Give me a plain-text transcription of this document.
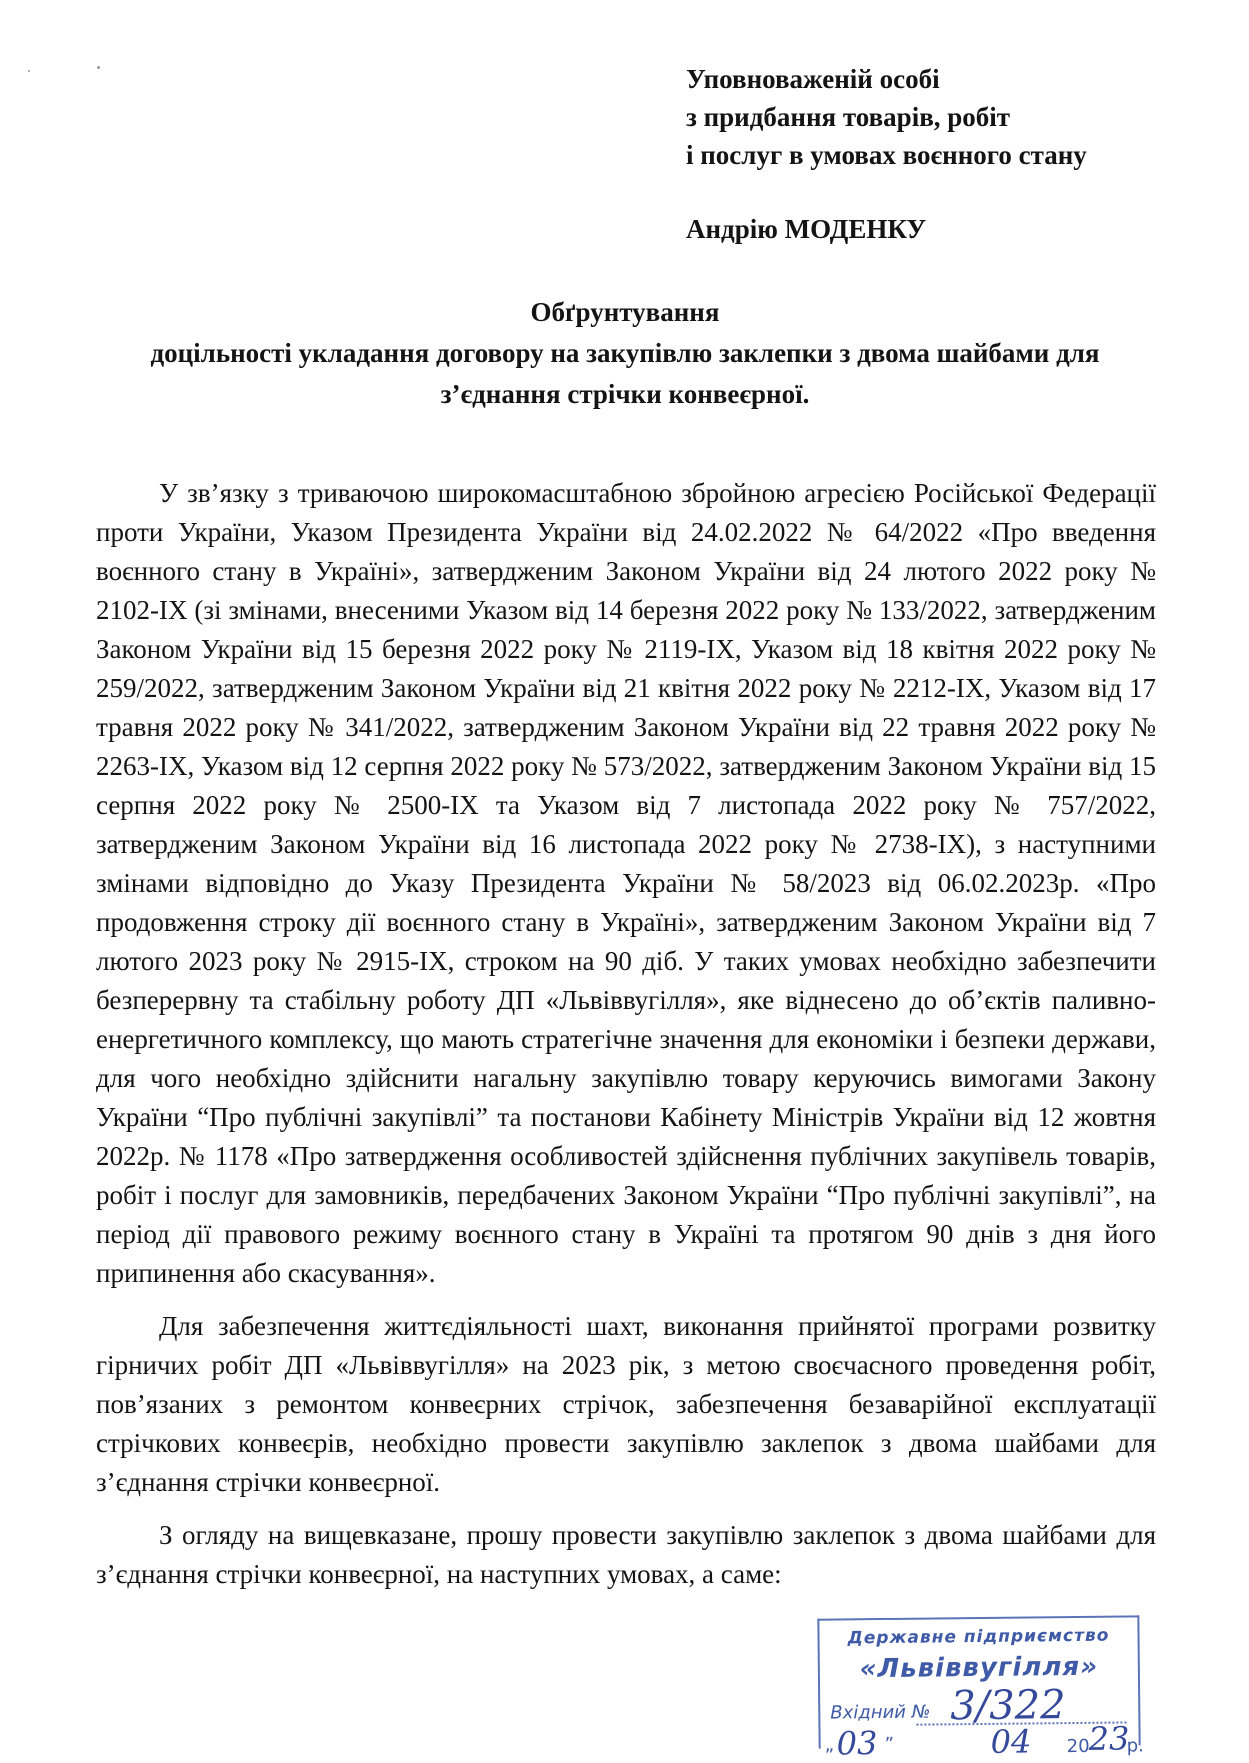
Уповноваженій особі
з придбання товарів, робіт
і послуг в умовах воєнного стану
Андрію МОДЕНКУ
Обґрунтування
доцільності укладання договору на закупівлю заклепки з двома шайбами для
з’єднання стрічки конвеєрної.

У зв’язку з триваючою широкомасштабною збройною агресією Російської Федерації проти України, Указом Президента України від 24.02.2022 № 64/2022 «Про введення воєнного стану в Україні», затвердженим Законом України від 24 лютого 2022 року № 2102-IX (зі змінами, внесеними Указом від 14 березня 2022 року № 133/2022, затвердженим Законом України від 15 березня 2022 року № 2119-IX, Указом від 18 квітня 2022 року № 259/2022, затвердженим Законом України від 21 квітня 2022 року № 2212-IX, Указом від 17 травня 2022 року № 341/2022, затвердженим Законом України від 22 травня 2022 року № 2263-IX, Указом від 12 серпня 2022 року № 573/2022, затвердженим Законом України від 15 серпня 2022 року № 2500-IX та Указом від 7 листопада 2022 року № 757/2022, затвердженим Законом України від 16 листопада 2022 року № 2738-IX), з наступними змінами відповідно до Указу Президента України № 58/2023 від 06.02.2023р. «Про продовження строку дії воєнного стану в Україні», затвердженим Законом України від 7 лютого 2023 року № 2915-IX, строком на 90 діб. У таких умовах необхідно забезпечити безперервну та стабільну роботу ДП «Львіввугілля», яке віднесено до об’єктів паливно-енергетичного комплексу, що мають стратегічне значення для економіки і безпеки держави, для чого необхідно здійснити нагальну закупівлю товару керуючись вимогами Закону України “Про публічні закупівлі” та постанови Кабінету Міністрів України від 12 жовтня 2022р. № 1178 «Про затвердження особливостей здійснення публічних закупівель товарів, робіт і послуг для замовників, передбачених Законом України “Про публічні закупівлі”, на період дії правового режиму воєнного стану в Україні та протягом 90 днів з дня його припинення або скасування».

Для забезпечення життєдіяльності шахт, виконання прийнятої програми розвитку гірничих робіт ДП «Львіввугілля» на 2023 рік, з метою своєчасного проведення робіт, пов’язаних з ремонтом конвеєрних стрічок, забезпечення безаварійної експлуатації стрічкових конвеєрів, необхідно провести закупівлю заклепок з двома шайбами для з’єднання стрічки конвеєрної.

З огляду на вищевказане, прошу провести закупівлю заклепок з двома шайбами для з’єднання стрічки конвеєрної, на наступних умовах, а саме:

Державне підприємство
«Львіввугілля»
Вхідний № 3/322
„ 03 ”	04 20
23
р.
